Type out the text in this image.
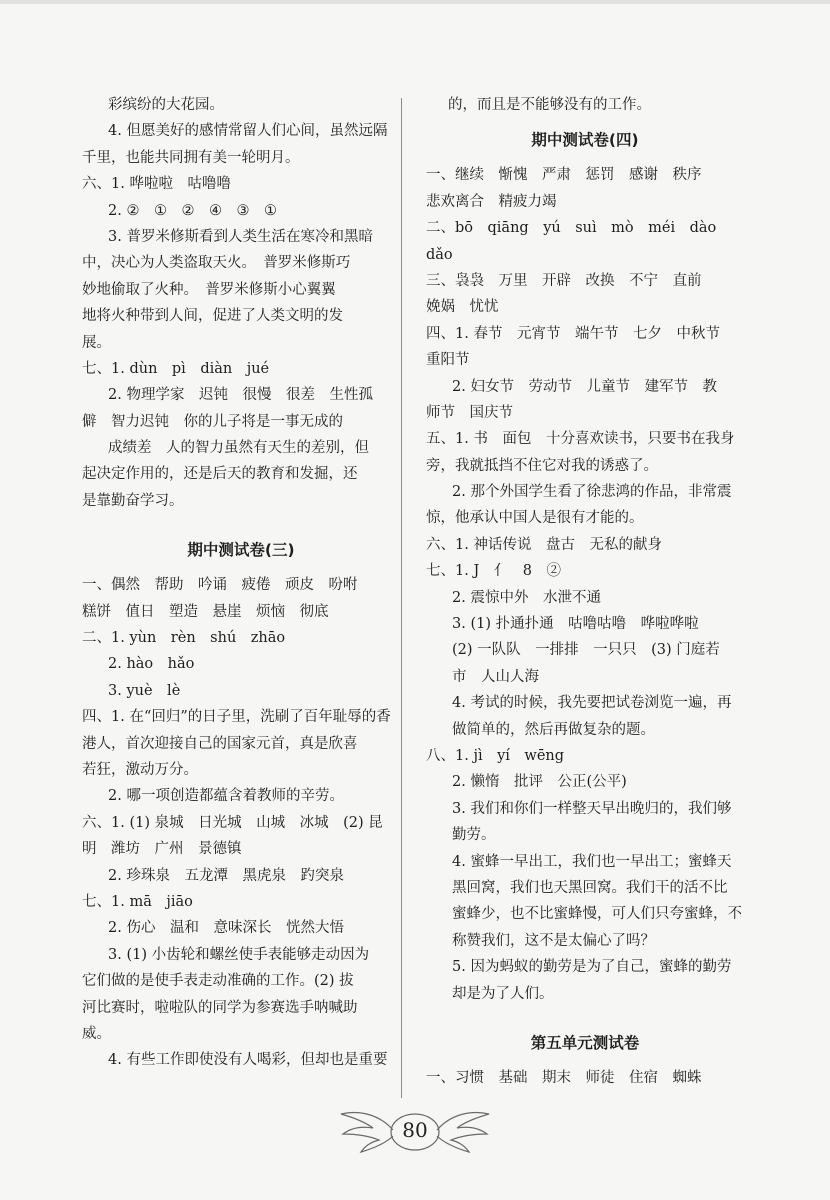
彩缤纷的大花园。
4. 但愿美好的感情常留人们心间，虽然远隔
千里，也能共同拥有美一轮明月。
六、1. 哗啦啦　咕噜噜
2. ②　①　②　④　③　①
3. 普罗米修斯看到人类生活在寒冷和黑暗
中，决心为人类盗取天火。　普罗米修斯巧
妙地偷取了火种。　普罗米修斯小心翼翼
地将火种带到人间，促进了人类文明的发
展。
七、1. dùn　pì　diàn　jué
2. 物理学家　迟钝　很慢　很差　生性孤
僻　智力迟钝　你的儿子将是一事无成的
成绩差　人的智力虽然有天生的差别，但
起决定作用的，还是后天的教育和发掘，还
是靠勤奋学习。
期中测试卷(三)
一、偶然　帮助　吟诵　疲倦　顽皮　吩咐
糕饼　值日　塑造　悬崖　烦恼　彻底
二、1. yùn　rèn　shú　zhāo
2. hào　hǎo
3. yuè　lè
四、1. 在“回归”的日子里，洗刷了百年耻辱的香
港人，首次迎接自己的国家元首，真是欣喜
若狂，激动万分。
2. 哪一项创造都蕴含着教师的辛劳。
六、1. (1) 泉城　日光城　山城　冰城　(2) 昆
明　潍坊　广州　景德镇
2. 珍珠泉　五龙潭　黑虎泉　趵突泉
七、1. mā　jiāo
2. 伤心　温和　意味深长　恍然大悟
3. (1) 小齿轮和螺丝使手表能够走动因为
它们做的是使手表走动准确的工作。(2) 拔
河比赛时，啦啦队的同学为参赛选手呐喊助
威。
4. 有些工作即使没有人喝彩，但却也是重要
的，而且是不能够没有的工作。
期中测试卷(四)
一、继续　惭愧　严肃　惩罚　感谢　秩序
悲欢离合　精疲力竭
二、bō　qiāng　yú　suì　mò　méi　dào
dǎo
三、袅袅　万里　开辟　改换　不宁　直前
娩娲　忧忧
四、1. 春节　元宵节　端午节　七夕　中秋节
重阳节
2. 妇女节　劳动节　儿童节　建军节　教
师节　国庆节
五、1. 书　面包　十分喜欢读书，只要书在我身
旁，我就抵挡不住它对我的诱惑了。
2. 那个外国学生看了徐悲鸿的作品，非常震
惊，他承认中国人是很有才能的。
六、1. 神话传说　盘古　无私的献身
七、1. J　亻　8　②
2. 震惊中外　水泄不通
3. (1) 扑通扑通　咕噜咕噜　哗啦哗啦
(2) 一队队　一排排　一只只　(3) 门庭若
市　人山人海
4. 考试的时候，我先要把试卷浏览一遍，再
做简单的，然后再做复杂的题。
八、1. jì　yí　wēng
2. 懒惰　批评　公正(公平)
3. 我们和你们一样整天早出晚归的，我们够
勤劳。
4. 蜜蜂一早出工，我们也一早出工；蜜蜂天
黑回窝，我们也天黑回窝。我们干的活不比
蜜蜂少，也不比蜜蜂慢，可人们只夸蜜蜂，不
称赞我们，这不是太偏心了吗？
5. 因为蚂蚁的勤劳是为了自己，蜜蜂的勤劳
却是为了人们。
第五单元测试卷
一、习惯　基础　期末　师徒　住宿　蜘蛛
80
